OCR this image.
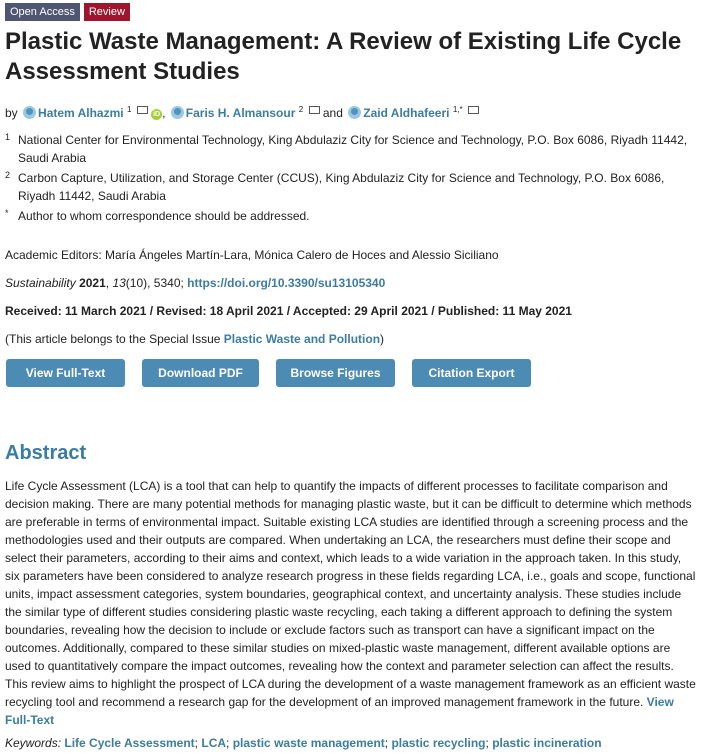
Open Access	Review
Plastic Waste Management: A Review of Existing Life Cycle Assessment Studies
by Hatem Alhazmi $^1$  iD , Faris H. Almansour $^2$ and Zaid Aldhafeeri $^{1,*}$
1 National Center for Environmental Technology, King Abdulaziz City for Science and Technology, P.O. Box 6086, Riyadh 11442, Saudi Arabia
2 Carbon Capture, Utilization, and Storage Center (CCUS), King Abdulaziz City for Science and Technology, P.O. Box 6086, Riyadh 11442, Saudi Arabia
* Author to whom correspondence should be addressed.
Academic Editors: María Ángeles Martín-Lara, Mónica Calero de Hoces and Alessio Siciliano
Sustainability 2021, 13(10), 5340; https://doi.org/10.3390/su13105340
Received: 11 March 2021 / Revised: 18 April 2021 / Accepted: 29 April 2021 / Published: 11 May 2021
(This article belongs to the Special Issue Plastic Waste and Pollution)
View Full-Text	Download PDF	Browse Figures	Citation Export
Abstract

Life Cycle Assessment (LCA) is a tool that can help to quantify the impacts of different processes to facilitate comparison and decision making. There are many potential methods for managing plastic waste, but it can be difficult to determine which methods are preferable in terms of environmental impact. Suitable existing LCA studies are identified through a screening process and the methodologies used and their outputs are compared. When undertaking an LCA, the researchers must define their scope and select their parameters, according to their aims and context, which leads to a wide variation in the approach taken. In this study, six parameters have been considered to analyze research progress in these fields regarding LCA, i.e., goals and scope, functional units, impact assessment categories, system boundaries, geographical context, and uncertainty analysis. These studies include the similar type of different studies considering plastic waste recycling, each taking a different approach to defining the system boundaries, revealing how the decision to include or exclude factors such as transport can have a significant impact on the outcomes. Additionally, compared to these similar studies on mixed-plastic waste management, different available options are used to quantitatively compare the impact outcomes, revealing how the context and parameter selection can affect the results. This review aims to highlight the prospect of LCA during the development of a waste management framework as an efficient waste recycling tool and recommend a research gap for the development of an improved management framework in the future. View Full-Text

Keywords: Life Cycle Assessment; LCA; plastic waste management; plastic recycling; plastic incineration
